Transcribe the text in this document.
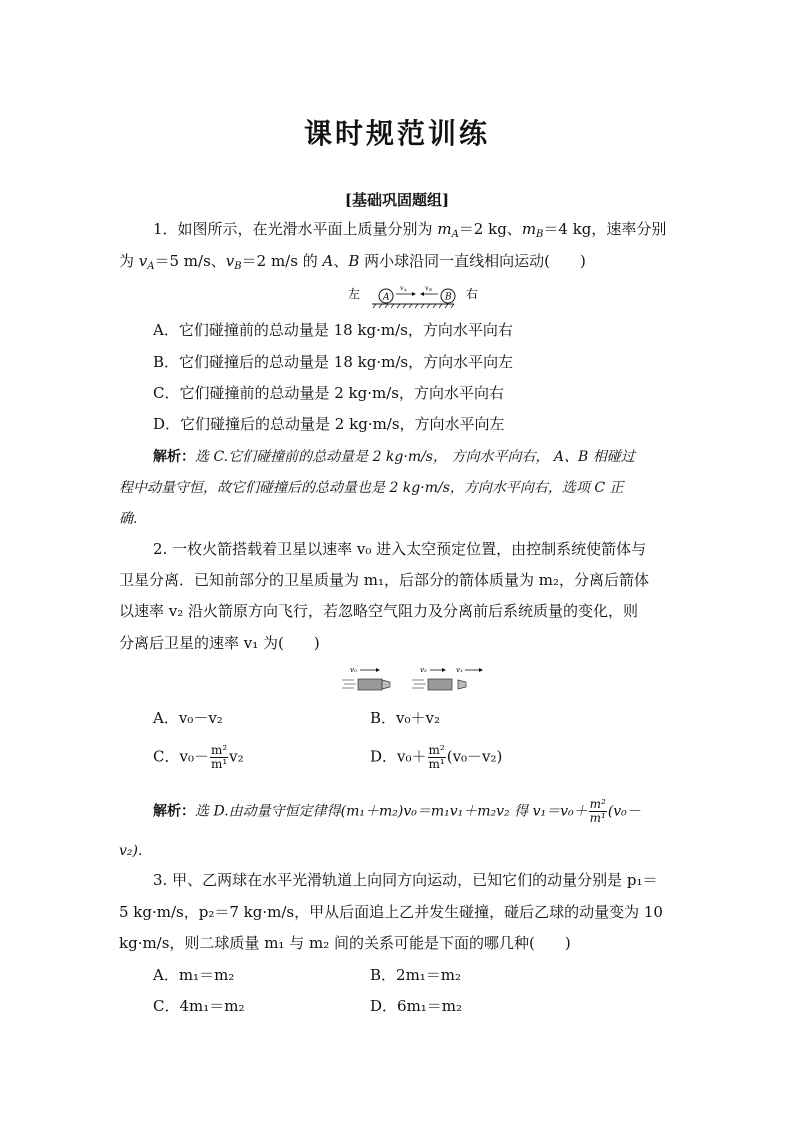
课时规范训练
[基础巩固题组]
1．如图所示，在光滑水平面上质量分别为 $m_A=2$ kg、$m_B=4$ kg，速率分别
为 $v_A=5$ m/s、$v_B=2$ m/s 的 A、B 两小球沿同一直线相向运动(　　)
左	A	B
v A	v B	右
A．它们碰撞前的总动量是 18 kg·m/s，方向水平向右
B．它们碰撞后的总动量是 18 kg·m/s，方向水平向左
C．它们碰撞前的总动量是 2 kg·m/s，方向水平向右
D．它们碰撞后的总动量是 2 kg·m/s，方向水平向左
解析：选 C.它们碰撞前的总动量是 2 kg·m/s， 方向水平向右， A、B 相碰过
程中动量守恒，故它们碰撞后的总动量也是 2 kg·m/s，方向水平向右，选项 C 正
确.
2. 一枚火箭搭载着卫星以速率 v₀ 进入太空预定位置，由控制系统使箭体与
卫星分离．已知前部分的卫星质量为 m₁，后部分的箭体质量为 m₂，分离后箭体
以速率 v₂ 沿火箭原方向飞行，若忽略空气阻力及分离前后系统质量的变化，则
分离后卫星的速率 v₁ 为(　　)
v₀	v₂	v₁
A．v₀－v₂	B．v₀＋v₂
C．$v_0- \frac{\text{m²}}{\text{m¹}} v_2$	D．$v_0+ \frac{\text{m²}}{\text{m¹}} (v_0-v_2)$
解析：选 D.由动量守恒定律得(m₁＋m₂)v₀＝m₁v₁＋m₂v₂ 得 $v_1=v_0+ \frac{\text{m²}}{\text{m¹}} (v_0-$
v₂).
3. 甲、乙两球在水平光滑轨道上向同方向运动，已知它们的动量分别是 p₁＝
5 kg·m/s，p₂＝7 kg·m/s，甲从后面追上乙并发生碰撞，碰后乙球的动量变为 10
kg·m/s，则二球质量 m₁ 与 m₂ 间的关系可能是下面的哪几种(　　)
A．m₁＝m₂	B．2m₁＝m₂
C．4m₁＝m₂	D．6m₁＝m₂
